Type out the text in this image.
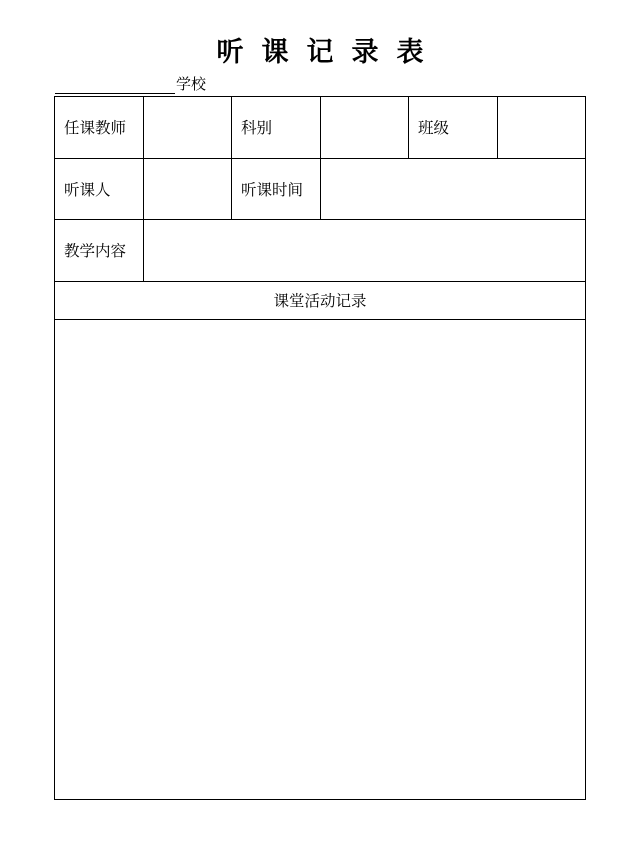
听课记录表
学校
任课教师	科别	班级
听课人	听课时间
教学内容
课堂活动记录
